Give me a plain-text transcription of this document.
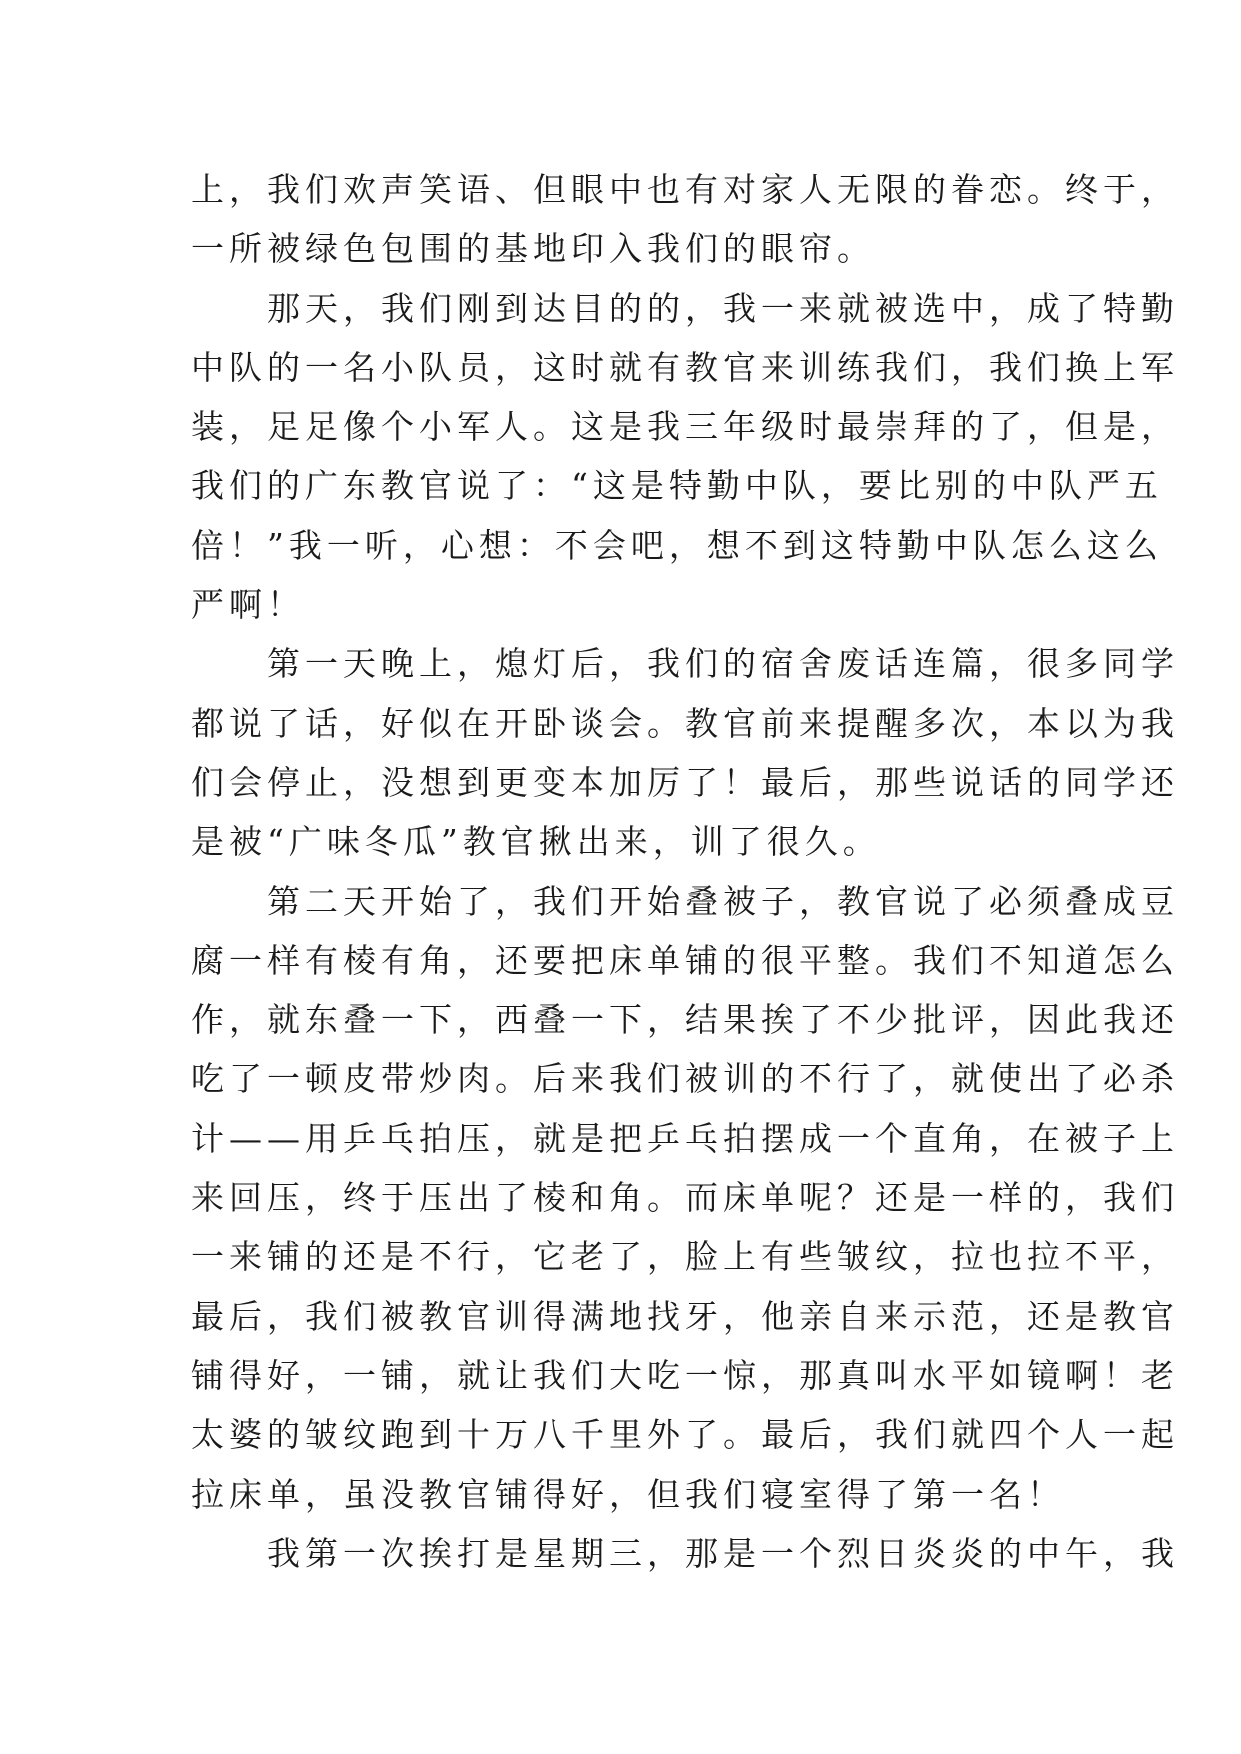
上，我们欢声笑语、但眼中也有对家人无限的眷恋。终于，
一所被绿色包围的基地印入我们的眼帘。
那天，我们刚到达目的的，我一来就被选中，成了特勤
中队的一名小队员，这时就有教官来训练我们，我们换上军
装，足足像个小军人。这是我三年级时最崇拜的了，但是，
我们的广东教官说了：“这是特勤中队，要比别的中队严五
倍！”我一听，心想：不会吧，想不到这特勤中队怎么这么
严啊！
第一天晚上，熄灯后，我们的宿舍废话连篇，很多同学
都说了话，好似在开卧谈会。教官前来提醒多次，本以为我
们会停止，没想到更变本加厉了！最后，那些说话的同学还
是被“广味冬瓜”教官揪出来，训了很久。
第二天开始了，我们开始叠被子，教官说了必须叠成豆
腐一样有棱有角，还要把床单铺的很平整。我们不知道怎么
作，就东叠一下，西叠一下，结果挨了不少批评，因此我还
吃了一顿皮带炒肉。后来我们被训的不行了，就使出了必杀
计——用乒乓拍压，就是把乒乓拍摆成一个直角，在被子上
来回压，终于压出了棱和角。而床单呢？还是一样的，我们
一来铺的还是不行，它老了，脸上有些皱纹，拉也拉不平，
最后，我们被教官训得满地找牙，他亲自来示范，还是教官
铺得好，一铺，就让我们大吃一惊，那真叫水平如镜啊！老
太婆的皱纹跑到十万八千里外了。最后，我们就四个人一起
拉床单，虽没教官铺得好，但我们寝室得了第一名！
我第一次挨打是星期三，那是一个烈日炎炎的中午，我
